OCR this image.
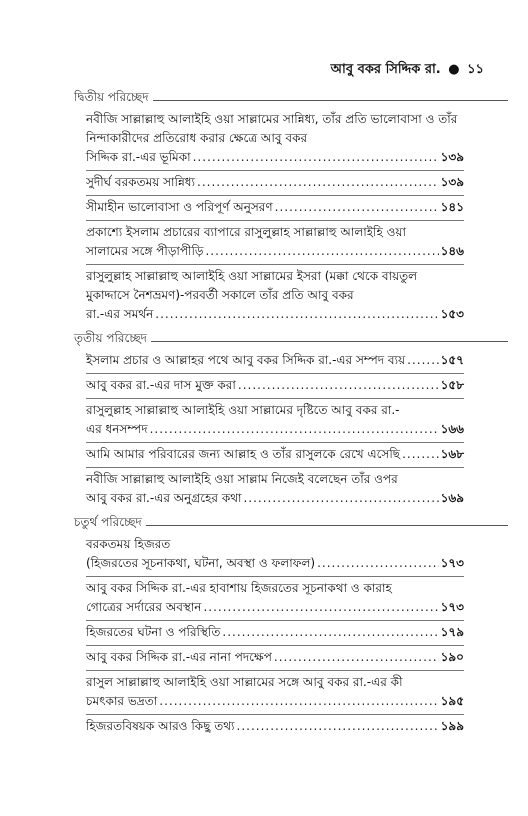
আবু বকর সিদ্দিক রা. ● ১১
দ্বিতীয় পরিচ্ছেদ
নবীজি সাল্লাল্লাহু আলাইহি ওয়া সাল্লামের সান্নিধ্য, তাঁর প্রতি ভালোবাসা ও তাঁর নিন্দাকারীদের প্রতিরোধ করার ক্ষেত্রে আবু বকর
সিদ্দিক রা.-এর ভূমিকা .....	১৩৯
সুদীর্ঘ বরকতময় সান্নিধ্য .....	১৩৯
সীমাহীন ভালোবাসা ও পরিপূর্ণ অনুসরণ .....	১৪১
প্রকাশ্যে ইসলাম প্রচারের ব্যাপারে রাসুলুল্লাহ সাল্লাল্লাহু আলাইহি ওয়া
সালামের সঙ্গে পীড়াপীড়ি .....	১৪৬
রাসুলুল্লাহ সাল্লাল্লাহু আলাইহি ওয়া সাল্লামের ইসরা (মক্কা থেকে বায়তুল মুকাদ্দাসে নৈশভ্রমণ)-পরবর্তী সকালে তাঁর প্রতি আবু বকর
রা.-এর সমর্থন .....	১৫৩
তৃতীয় পরিচ্ছেদ
ইসলাম প্রচার ও আল্লাহর পথে আবু বকর সিদ্দিক রা.-এর সম্পদ ব্যয় .....	১৫৭
আবু বকর রা.-এর দাস মুক্ত করা .....	১৫৮
রাসুলুল্লাহ সাল্লাল্লাহু আলাইহি ওয়া সাল্লামের দৃষ্টিতে আবু বকর রা.-
এর ধনসম্পদ .....	১৬৬
আমি আমার পরিবারের জন্য আল্লাহ ও তাঁর রাসুলকে রেখে এসেছি .....	১৬৮
নবীজি সাল্লাল্লাহু আলাইহি ওয়া সাল্লাম নিজেই বলেছেন তাঁর ওপর
আবু বকর রা.-এর অনুগ্রহের কথা .....	১৬৯
চতুর্থ পরিচ্ছেদ
বরকতময় হিজরত
(হিজরতের সূচনাকথা, ঘটনা, অবস্থা ও ফলাফল) .....	১৭৩
আবু বকর সিদ্দিক রা.-এর হাবাশায় হিজরতের সূচনাকথা ও কারাহ
গোত্রের সর্দারের অবস্থান .....	১৭৩
হিজরতের ঘটনা ও পরিস্থিতি .....	১৭৯
আবু বকর সিদ্দিক রা.-এর নানা পদক্ষেপ .....	১৯০
রাসুল সাল্লাল্লাহু আলাইহি ওয়া সাল্লামের সঙ্গে আবু বকর রা.-এর কী
চমৎকার ভদ্রতা .....	১৯৫
হিজরতবিষয়ক আরও কিছু তথ্য .....	১৯৯
